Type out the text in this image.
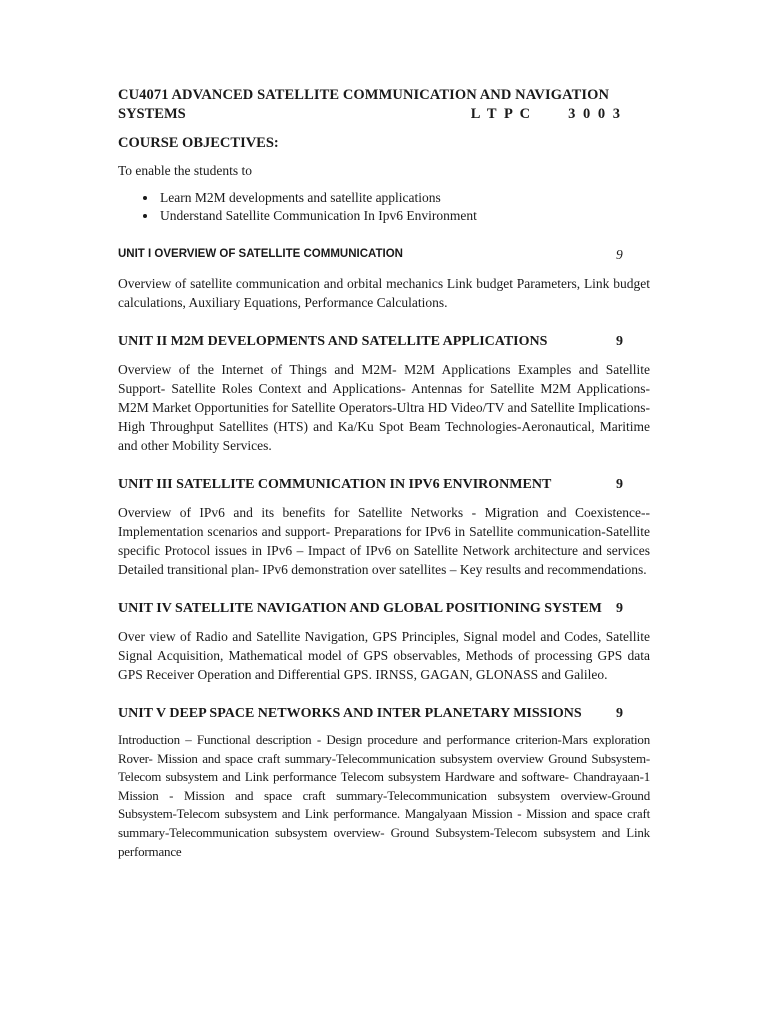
CU4071 ADVANCED SATELLITE COMMUNICATION AND NAVIGATION

SYSTEMS	L T P C 3 0 0 3

COURSE OBJECTIVES:

To enable the students to

• Learn M2M developments and satellite applications
• Understand Satellite Communication In Ipv6 Environment
UNIT I OVERVIEW OF SATELLITE COMMUNICATION	9

Overview of satellite communication and orbital mechanics Link budget Parameters, Link budget calculations, Auxiliary Equations, Performance Calculations.

UNIT II M2M DEVELOPMENTS AND SATELLITE APPLICATIONS	9

Overview of the Internet of Things and M2M- M2M Applications Examples and Satellite Support- Satellite Roles Context and Applications- Antennas for Satellite M2M Applications-M2M Market Opportunities for Satellite Operators-Ultra HD Video/TV and Satellite Implications-High Throughput Satellites (HTS) and Ka/Ku Spot Beam Technologies-Aeronautical, Maritime and other Mobility Services.

UNIT III SATELLITE COMMUNICATION IN IPV6 ENVIRONMENT	9

Overview of IPv6 and its benefits for Satellite Networks - Migration and Coexistence--Implementation scenarios and support- Preparations for IPv6 in Satellite communication-Satellite specific Protocol issues in IPv6 – Impact of IPv6 on Satellite Network architecture and services Detailed transitional plan- IPv6 demonstration over satellites – Key results and recommendations.

UNIT IV SATELLITE NAVIGATION AND GLOBAL POSITIONING SYSTEM 9

Over view of Radio and Satellite Navigation, GPS Principles, Signal model and Codes, Satellite Signal Acquisition, Mathematical model of GPS observables, Methods of processing GPS data GPS Receiver Operation and Differential GPS. IRNSS, GAGAN, GLONASS and Galileo.

UNIT V DEEP SPACE NETWORKS AND INTER PLANETARY MISSIONS 9

Introduction – Functional description - Design procedure and performance criterion-Mars exploration Rover- Mission and space craft summary-Telecommunication subsystem overview Ground Subsystem-Telecom subsystem and Link performance Telecom subsystem Hardware and software- Chandrayaan-1 Mission - Mission and space craft summary-Telecommunication subsystem overview-Ground Subsystem-Telecom subsystem and Link performance. Mangalyaan Mission - Mission and space craft summary-Telecommunication subsystem overview- Ground Subsystem-Telecom subsystem and Link performance
